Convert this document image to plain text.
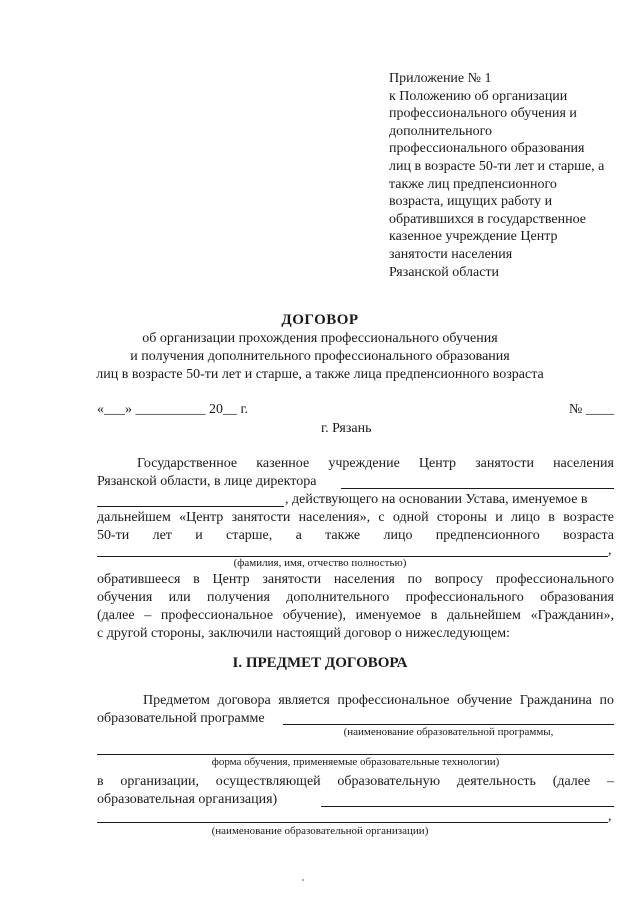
Приложение № 1
к Положению об организации
профессионального обучения и
дополнительного
профессионального образования
лиц в возрасте 50-ти лет и старше, а
также лиц предпенсионного
возраста, ищущих работу и
обратившихся в государственное
казенное учреждение Центр
занятости населения
Рязанской области
ДОГОВОР
об организации прохождения профессионального обучения
и получения дополнительного профессионального образования
лиц в возрасте 50-ти лет и старше, а также лица предпенсионного возраста
«___» __________ 20__ г.	№ ____
г. Рязань
Государственное казенное учреждение Центр занятости населения
Рязанской области, в лице директора
, действующего на основании Устава, именуемое в
дальнейшем «Центр занятости населения», с одной стороны и лицо в возрасте
50-ти лет и старше, а также лицо предпенсионного возраста
,
(фамилия, имя, отчество полностью)
обратившееся в Центр занятости населения по вопросу профессионального
обучения или получения дополнительного профессионального образования
(далее – профессиональное обучение), именуемое в дальнейшем «Гражданин»,
с другой стороны, заключили настоящий договор о нижеследующем:
I. ПРЕДМЕТ ДОГОВОРА
Предметом договора является профессиональное обучение Гражданина по
образовательной программе
(наименование образовательной программы,
форма обучения, применяемые образовательные технологии)
в организации, осуществляющей образовательную деятельность (далее –
образовательная организация)
,
(наименование образовательной организации)
